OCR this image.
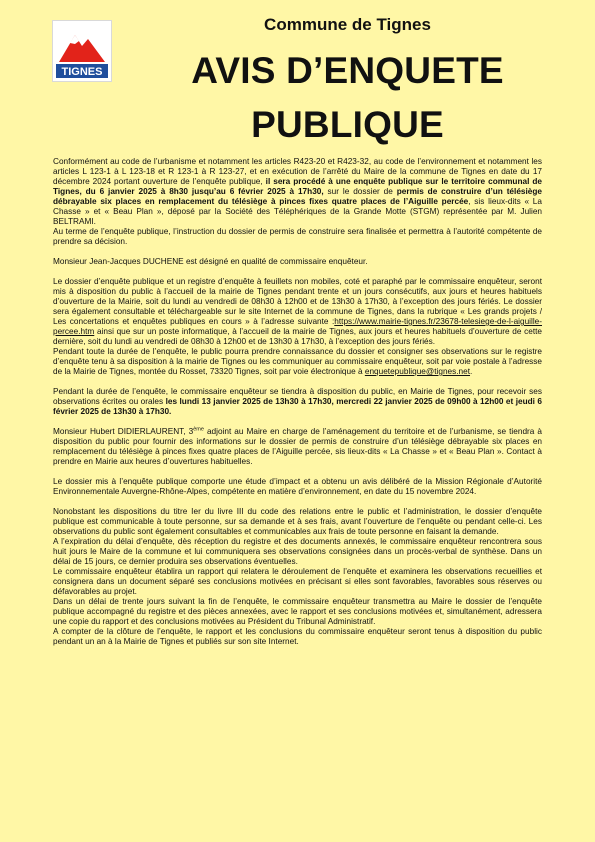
TIGNES
Commune de Tignes
AVIS D’ENQUETE
PUBLIQUE

Conformément au code de l’urbanisme et notamment les articles R423-20 et R423-32, au code de l’environnement et notamment les articles L 123-1 à L 123-18 et R 123-1 à R 123-27, et en exécution de l’arrêté du Maire de la commune de Tignes en date du 17 décembre 2024 portant ouverture de l’enquête publique, il sera procédé à une enquête publique sur le territoire communal de Tignes, du 6 janvier 2025 à 8h30 jusqu’au 6 février 2025 à 17h30, sur le dossier de permis de construire d’un télésiège débrayable six places en remplacement du télésiège à pinces fixes quatre places de l’Aiguille percée, sis lieux-dits « La Chasse » et « Beau Plan », déposé par la Société des Téléphériques de la Grande Motte (STGM) représentée par M. Julien BELTRAMI.

Au terme de l’enquête publique, l’instruction du dossier de permis de construire sera finalisée et permettra à l’autorité compétente de prendre sa décision.

Monsieur Jean-Jacques DUCHENE est désigné en qualité de commissaire enquêteur.

Le dossier d’enquête publique et un registre d’enquête à feuillets non mobiles, coté et paraphé par le commissaire enquêteur, seront mis à disposition du public à l’accueil de la mairie de Tignes pendant trente et un jours consécutifs, aux jours et heures habituels d’ouverture de la Mairie, soit du lundi au vendredi de 08h30 à 12h00 et de 13h30 à 17h30, à l’exception des jours fériés. Le dossier sera également consultable et téléchargeable sur le site Internet de la commune de Tignes, dans la rubrique « Les grands projets / Les concertations et enquêtes publiques en cours » à l’adresse suivante :https://www.mairie-tignes.fr/23678-telesiege-de-l-aiguille-percee.htm ainsi que sur un poste informatique, à l’accueil de la mairie de Tignes, aux jours et heures habituels d’ouverture de cette dernière, soit du lundi au vendredi de 08h30 à 12h00 et de 13h30 à 17h30, à l’exception des jours fériés.

Pendant toute la durée de l’enquête, le public pourra prendre connaissance du dossier et consigner ses observations sur le registre d’enquête tenu à sa disposition à la mairie de Tignes ou les communiquer au commissaire enquêteur, soit par voie postale à l’adresse de la Mairie de Tignes, montée du Rosset, 73320 Tignes, soit par voie électronique à enquetepublique@tignes.net.

Pendant la durée de l’enquête, le commissaire enquêteur se tiendra à disposition du public, en Mairie de Tignes, pour recevoir ses observations écrites ou orales les lundi 13 janvier 2025 de 13h30 à 17h30, mercredi 22 janvier 2025 de 09h00 à 12h00 et jeudi 6 février 2025 de 13h30 à 17h30.

Monsieur Hubert DIDIERLAURENT, 3ème adjoint au Maire en charge de l’aménagement du territoire et de l’urbanisme, se tiendra à disposition du public pour fournir des informations sur le dossier de permis de construire d’un télésiège débrayable six places en remplacement du télésiège à pinces fixes quatre places de l’Aiguille percée, sis lieux-dits « La Chasse » et « Beau Plan ». Contact à prendre en Mairie aux heures d’ouvertures habituelles.

Le dossier mis à l’enquête publique comporte une étude d’impact et a obtenu un avis délibéré de la Mission Régionale d’Autorité Environnementale Auvergne-Rhône-Alpes, compétente en matière d’environnement, en date du 15 novembre 2024.

Nonobstant les dispositions du titre Ier du livre III du code des relations entre le public et l’administration, le dossier d’enquête publique est communicable à toute personne, sur sa demande et à ses frais, avant l’ouverture de l’enquête ou pendant celle-ci. Les observations du public sont également consultables et communicables aux frais de toute personne en faisant la demande.

A l’expiration du délai d’enquête, dès réception du registre et des documents annexés, le commissaire enquêteur rencontrera sous huit jours le Maire de la commune et lui communiquera ses observations consignées dans un procès-verbal de synthèse. Dans un délai de 15 jours, ce dernier produira ses observations éventuelles.

Le commissaire enquêteur établira un rapport qui relatera le déroulement de l’enquête et examinera les observations recueillies et consignera dans un document séparé ses conclusions motivées en précisant si elles sont favorables, favorables sous réserves ou défavorables au projet.

Dans un délai de trente jours suivant la fin de l’enquête, le commissaire enquêteur transmettra au Maire le dossier de l’enquête publique accompagné du registre et des pièces annexées, avec le rapport et ses conclusions motivées et, simultanément, adressera une copie du rapport et des conclusions motivées au Président du Tribunal Administratif.

A compter de la clôture de l’enquête, le rapport et les conclusions du commissaire enquêteur seront tenus à disposition du public pendant un an à la Mairie de Tignes et publiés sur son site Internet.
